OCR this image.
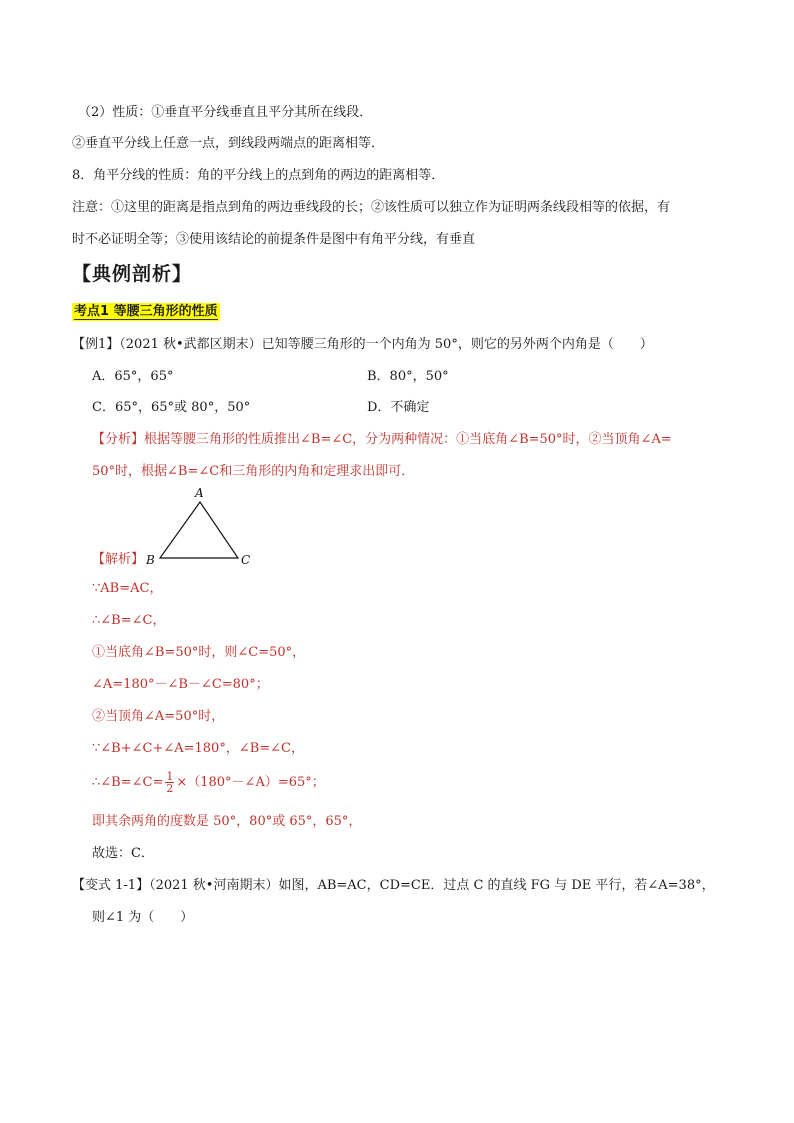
（2）性质：①垂直平分线垂直且平分其所在线段．
②垂直平分线上任意一点，到线段两端点的距离相等．
8．角平分线的性质：角的平分线上的点到角的两边的距离相等．
注意：①这里的距离是指点到角的两边垂线段的长；②该性质可以独立作为证明两条线段相等的依据，有
时不必证明全等；③使用该结论的前提条件是图中有角平分线，有垂直
【典例剖析】
考点1 等腰三角形的性质
【例1】（2021 秋•武都区期末）已知等腰三角形的一个内角为 50°，则它的另外两个内角是（　　）
A．65°，65°	B．80°，50°
C．65°，65°或 80°，50°	D．不确定
【分析】根据等腰三角形的性质推出∠B=∠C，分为两种情况：①当底角∠B=50°时，②当顶角∠A=
50°时，根据∠B=∠C和三角形的内角和定理求出即可．
A
B	C
【解析】
∵AB=AC，
∴∠B=∠C，
①当底角∠B=50°时，则∠C=50°，
∠A=180°－∠B－∠C=80°；
②当顶角∠A=50°时，
∵∠B+∠C+∠A=180°，∠B=∠C，
∴∠B=∠C= $\frac{1}{2}$ ×（180°－∠A）=65°；
即其余两角的度数是 50°，80°或 65°，65°，
故选：C．
【变式 1-1】（2021 秋•河南期末）如图，AB=AC，CD=CE．过点 C 的直线 FG 与 DE 平行，若∠A=38°，
则∠1 为（　　）
